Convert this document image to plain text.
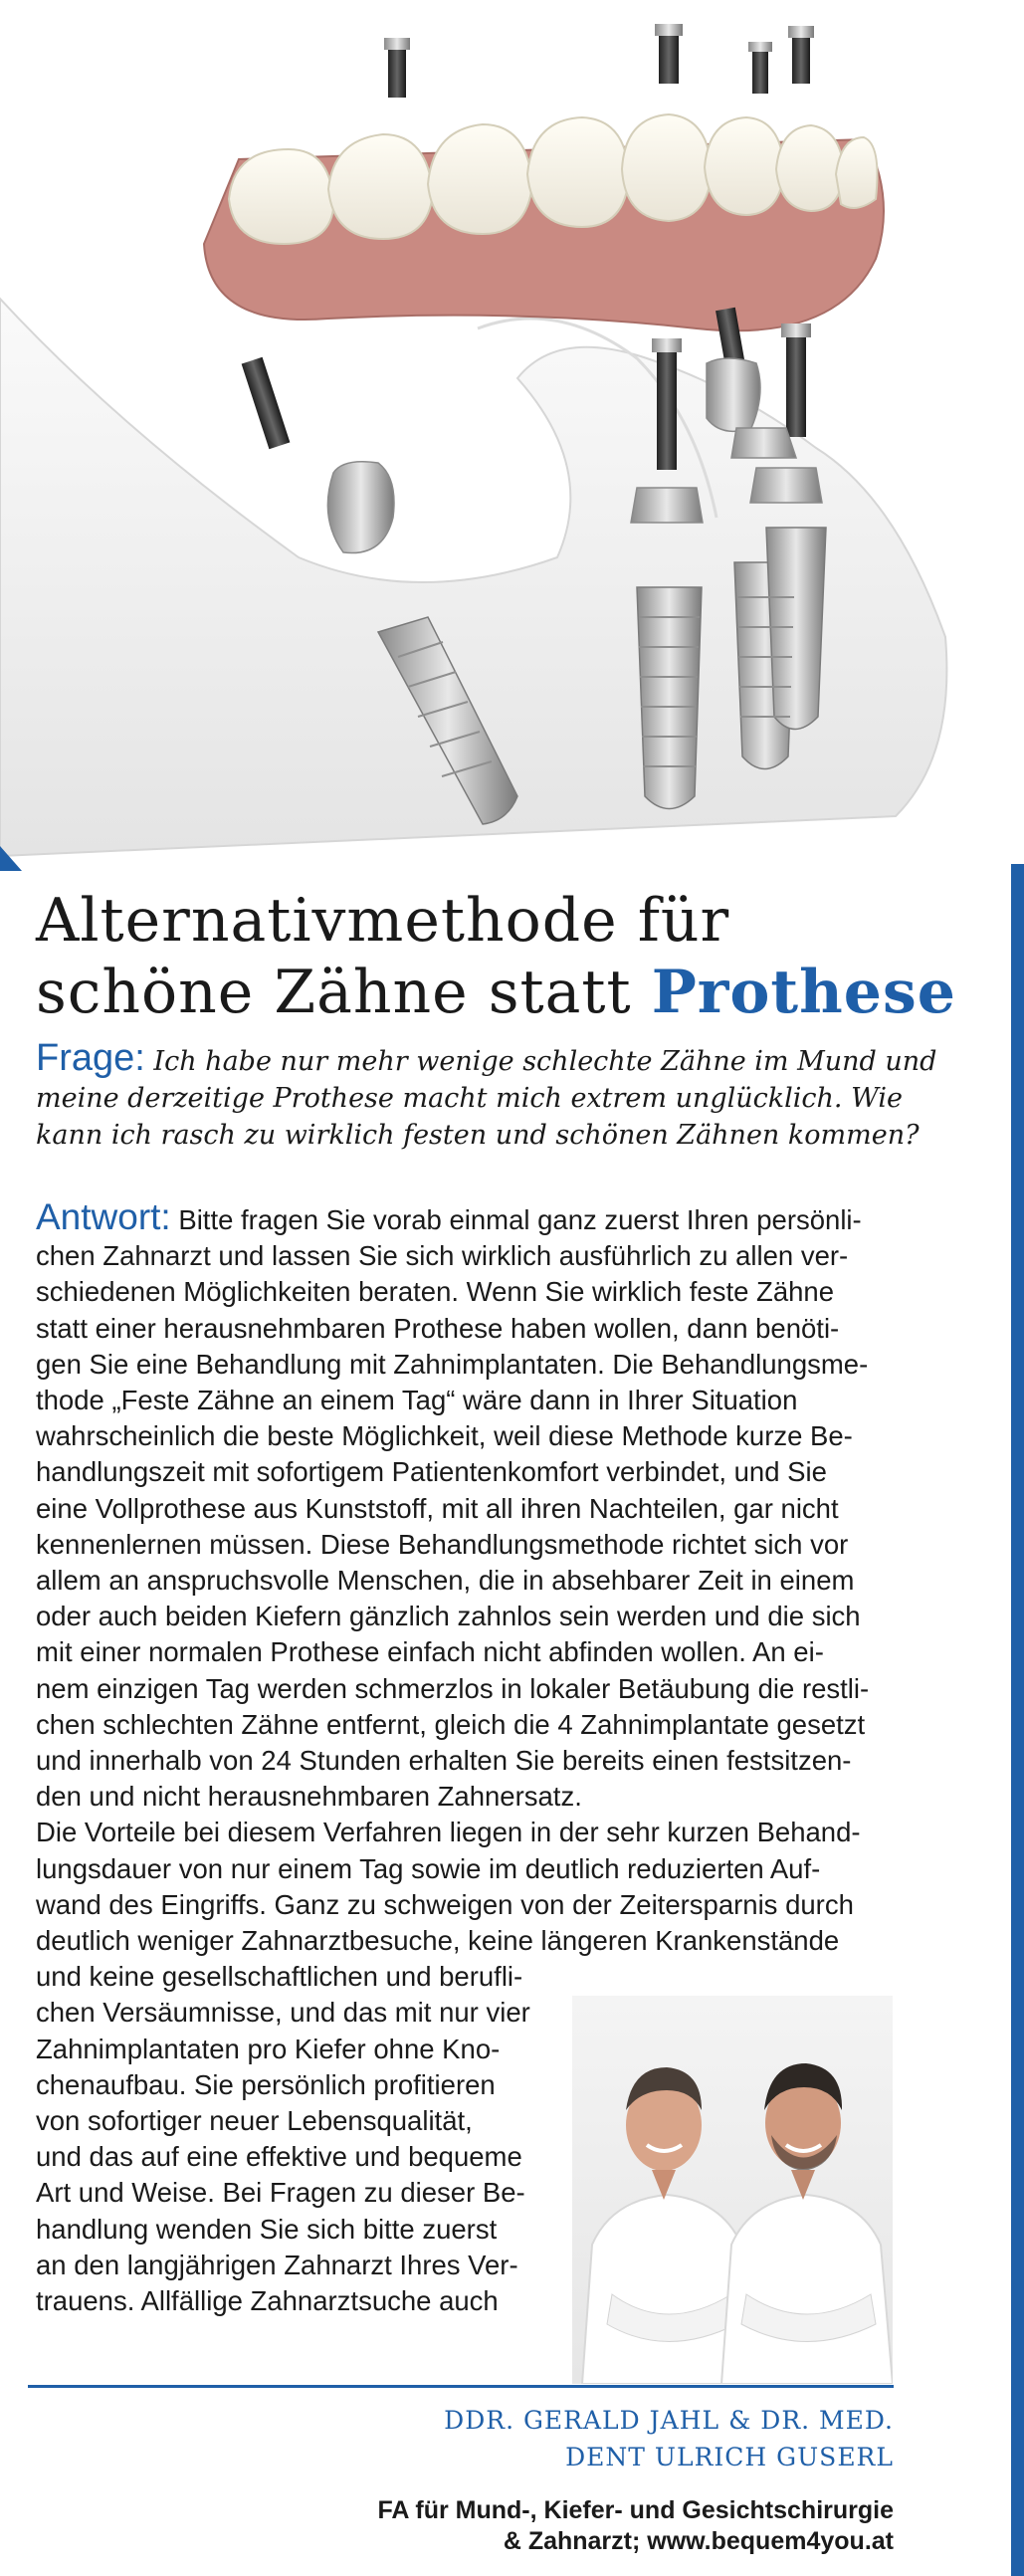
Alternativmethode für
schöne Zähne statt Prothese
Frage: Ich habe nur mehr wenige schlechte Zähne im Mund und
meine derzeitige Prothese macht mich extrem unglücklich. Wie
kann ich rasch zu wirklich festen und schönen Zähnen kommen?
Antwort: Bitte fragen Sie vorab einmal ganz zuerst Ihren persönli-
chen Zahnarzt und lassen Sie sich wirklich ausführlich zu allen ver-
schiedenen Möglichkeiten beraten. Wenn Sie wirklich feste Zähne
statt einer herausnehmbaren Prothese haben wollen, dann benöti-
gen Sie eine Behandlung mit Zahnimplantaten. Die Behandlungsme-
thode „Feste Zähne an einem Tag“ wäre dann in Ihrer Situation
wahrscheinlich die beste Möglichkeit, weil diese Methode kurze Be-
handlungszeit mit sofortigem Patientenkomfort verbindet, und Sie
eine Vollprothese aus Kunststoff, mit all ihren Nachteilen, gar nicht
kennenlernen müssen. Diese Behandlungsmethode richtet sich vor
allem an anspruchsvolle Menschen, die in absehbarer Zeit in einem
oder auch beiden Kiefern gänzlich zahnlos sein werden und die sich
mit einer normalen Prothese einfach nicht abfinden wollen. An ei-
nem einzigen Tag werden schmerzlos in lokaler Betäubung die restli-
chen schlechten Zähne entfernt, gleich die 4 Zahnimplantate gesetzt
und innerhalb von 24 Stunden erhalten Sie bereits einen festsitzen-
den und nicht herausnehmbaren Zahnersatz.
Die Vorteile bei diesem Verfahren liegen in der sehr kurzen Behand-
lungsdauer von nur einem Tag sowie im deutlich reduzierten Auf-
wand des Eingriffs. Ganz zu schweigen von der Zeitersparnis durch
deutlich weniger Zahnarztbesuche, keine längeren Krankenstände
und keine gesellschaftlichen und berufli-
chen Versäumnisse, und das mit nur vier
Zahnimplantaten pro Kiefer ohne Kno-
chenaufbau. Sie persönlich profitieren
von sofortiger neuer Lebensqualität,
und das auf eine effektive und bequeme
Art und Weise. Bei Fragen zu dieser Be-
handlung wenden Sie sich bitte zuerst
an den langjährigen Zahnarzt Ihres Ver-
trauens. Allfällige Zahnarztsuche auch
DDR. GERALD JAHL & DR. MED.
DENT ULRICH GUSERL
FA für Mund-, Kiefer- und Gesichtschirurgie
& Zahnarzt; www.bequem4you.at
